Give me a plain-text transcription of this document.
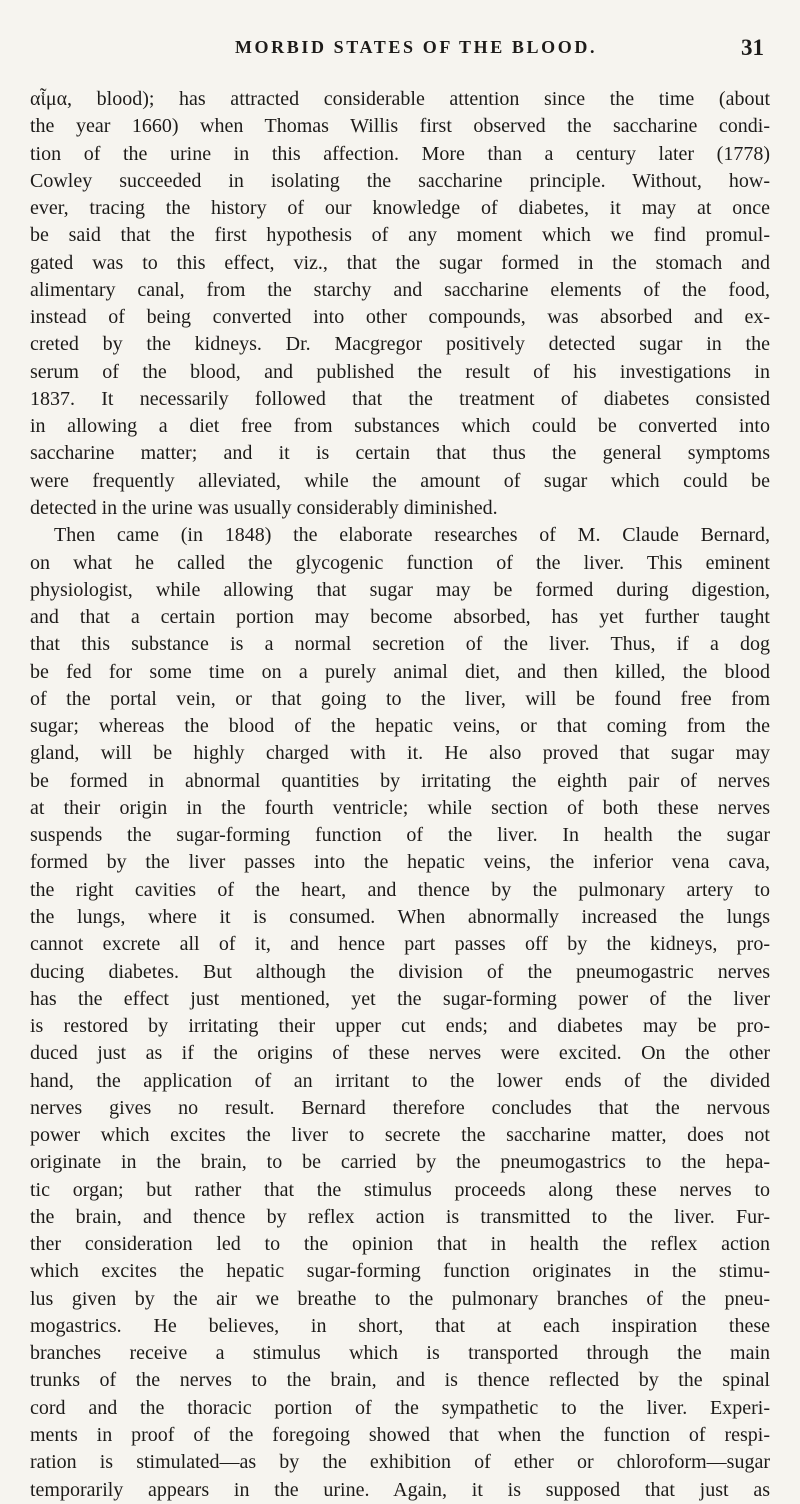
MORBID STATES OF THE BLOOD.	31
αἷμα, blood); has attracted considerable attention since the time (about
the year 1660) when Thomas Willis first observed the saccharine condi-
tion of the urine in this affection. More than a century later (1778)
Cowley succeeded in isolating the saccharine principle. Without, how-
ever, tracing the history of our knowledge of diabetes, it may at once
be said that the first hypothesis of any moment which we find promul-
gated was to this effect, viz., that the sugar formed in the stomach and
alimentary canal, from the starchy and saccharine elements of the food,
instead of being converted into other compounds, was absorbed and ex-
creted by the kidneys. Dr. Macgregor positively detected sugar in the
serum of the blood, and published the result of his investigations in
1837. It necessarily followed that the treatment of diabetes consisted
in allowing a diet free from substances which could be converted into
saccharine matter; and it is certain that thus the general symptoms
were frequently alleviated, while the amount of sugar which could be
detected in the urine was usually considerably diminished.
Then came (in 1848) the elaborate researches of M. Claude Bernard,
on what he called the glycogenic function of the liver. This eminent
physiologist, while allowing that sugar may be formed during digestion,
and that a certain portion may become absorbed, has yet further taught
that this substance is a normal secretion of the liver. Thus, if a dog
be fed for some time on a purely animal diet, and then killed, the blood
of the portal vein, or that going to the liver, will be found free from
sugar; whereas the blood of the hepatic veins, or that coming from the
gland, will be highly charged with it. He also proved that sugar may
be formed in abnormal quantities by irritating the eighth pair of nerves
at their origin in the fourth ventricle; while section of both these nerves
suspends the sugar-forming function of the liver. In health the sugar
formed by the liver passes into the hepatic veins, the inferior vena cava,
the right cavities of the heart, and thence by the pulmonary artery to
the lungs, where it is consumed. When abnormally increased the lungs
cannot excrete all of it, and hence part passes off by the kidneys, pro-
ducing diabetes. But although the division of the pneumogastric nerves
has the effect just mentioned, yet the sugar-forming power of the liver
is restored by irritating their upper cut ends; and diabetes may be pro-
duced just as if the origins of these nerves were excited. On the other
hand, the application of an irritant to the lower ends of the divided
nerves gives no result. Bernard therefore concludes that the nervous
power which excites the liver to secrete the saccharine matter, does not
originate in the brain, to be carried by the pneumogastrics to the hepa-
tic organ; but rather that the stimulus proceeds along these nerves to
the brain, and thence by reflex action is transmitted to the liver. Fur-
ther consideration led to the opinion that in health the reflex action
which excites the hepatic sugar-forming function originates in the stimu-
lus given by the air we breathe to the pulmonary branches of the pneu-
mogastrics. He believes, in short, that at each inspiration these
branches receive a stimulus which is transported through the main
trunks of the nerves to the brain, and is thence reflected by the spinal
cord and the thoracic portion of the sympathetic to the liver. Experi-
ments in proof of the foregoing showed that when the function of respi-
ration is stimulated—as by the exhibition of ether or chloroform—sugar
temporarily appears in the urine. Again, it is supposed that just as
